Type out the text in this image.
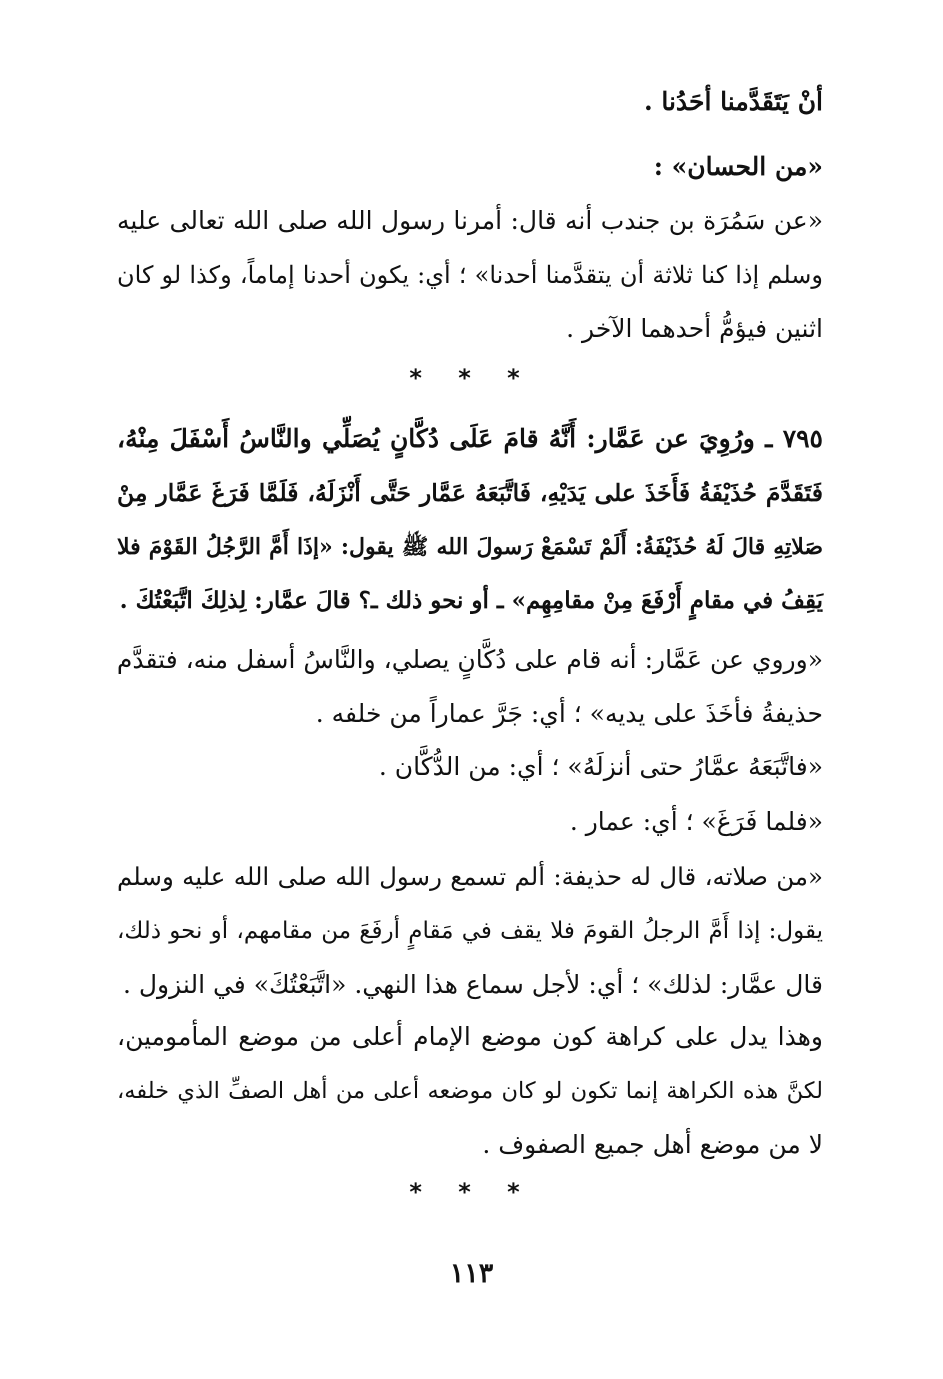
أنْ يَتَقَدَّمنا أحَدُنا .
«من الحسان» :
«عن سَمُرَة بن جندب أنه قال: أمرنا رسول الله صلى الله تعالى عليه
وسلم إذا كنا ثلاثة أن يتقدَّمنا أحدنا» ؛ أي: يكون أحدنا إماماً، وكذا لو كان
اثنين فيؤمُّ أحدهما الآخر .
* * *
٧٩٥ ـ ورُوِيَ عن عَمَّار: أَنَّهُ قامَ عَلَى دُكَّانٍ يُصَلِّي والنَّاسُ أَسْفَلَ مِنْهُ،
فَتَقَدَّمَ حُذَيْفَةُ فَأَخَذَ على يَدَيْهِ، فَاتَّبَعَهُ عَمَّار حَتَّى أَنْزَلَهُ، فَلَمَّا فَرَغَ عَمَّار مِنْ
صَلاتِهِ قالَ لَهُ حُذَيْفَةُ: أَلَمْ تَسْمَعْ رَسولَ الله ﷺ يقول: «إذَا أَمَّ الرَّجُلُ القَوْمَ فلا
يَقِفُ في مقامٍ أَرْفَعَ مِنْ مقامِهِم» ـ أو نحو ذلك ـ؟ قالَ عمَّار: لِذلِكَ اتَّبَعْتُكَ .
«وروي عن عَمَّار: أنه قام على دُكَّانٍ يصلي، والنَّاسُ أسفل منه، فتقدَّم
حذيفةُ فأخَذَ على يديه» ؛ أي: جَرَّ عماراً من خلفه .
«فاتَّبَعَهُ عمَّارُ حتى أنزلَهُ» ؛ أي: من الدُّكَّان .
«فلما فَرَغَ» ؛ أي: عمار .
«من صلاته، قال له حذيفة: ألم تسمع رسول الله صلى الله عليه وسلم
يقول: إذا أَمَّ الرجلُ القومَ فلا يقف في مَقامٍ أرفَعَ من مقامهم، أو نحو ذلك،
قال عمَّار: لذلك» ؛ أي: لأجل سماع هذا النهي. «اتَّبَعْتُكَ» في النزول .
وهذا يدل على كراهة كون موضع الإمام أعلى من موضع المأمومين،
لكنَّ هذه الكراهة إنما تكون لو كان موضعه أعلى من أهل الصفِّ الذي خلفه،
لا من موضع أهل جميع الصفوف .
* * *
١١٣
